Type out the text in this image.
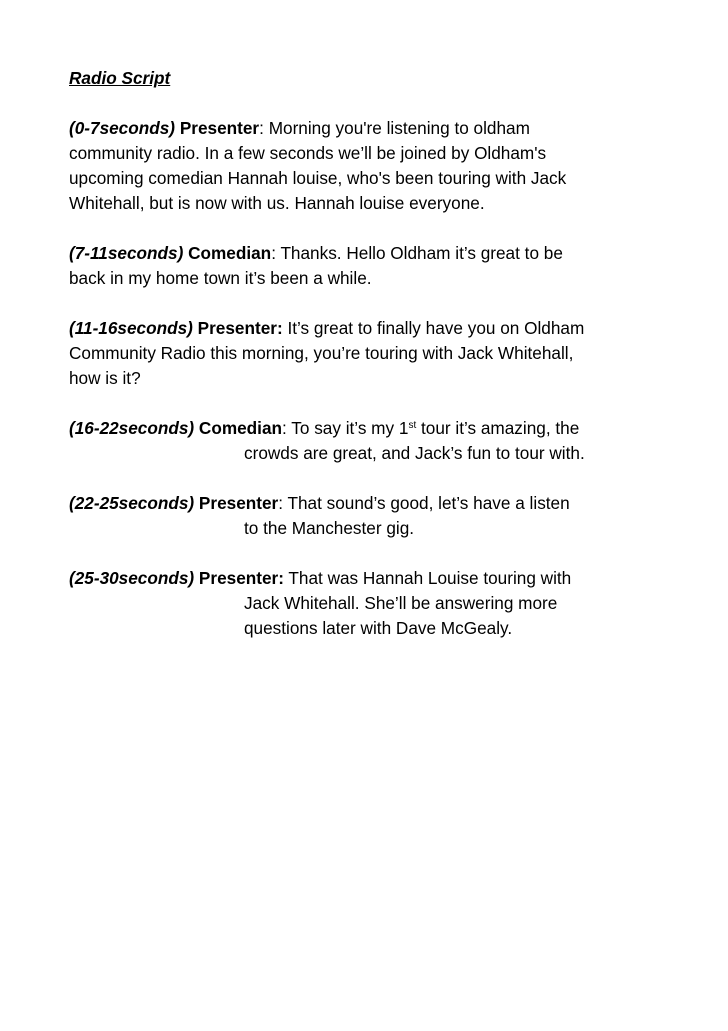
Radio Script
(0-7seconds) Presenter: Morning you're listening to oldham
community radio. In a few seconds we’ll be joined by Oldham's
upcoming comedian Hannah louise, who's been touring with Jack
Whitehall, but is now with us. Hannah louise everyone.
(7-11seconds) Comedian: Thanks. Hello Oldham it’s great to be
back in my home town it’s been a while.
(11-16seconds) Presenter: It’s great to finally have you on Oldham
Community Radio this morning, you’re touring with Jack Whitehall,
how is it?
(16-22seconds) Comedian: To say it’s my 1st tour it’s amazing, the
crowds are great, and Jack’s fun to tour with.
(22-25seconds) Presenter: That sound’s good, let’s have a listen
to the Manchester gig.
(25-30seconds) Presenter: That was Hannah Louise touring with
Jack Whitehall. She’ll be answering more
questions later with Dave McGealy.
